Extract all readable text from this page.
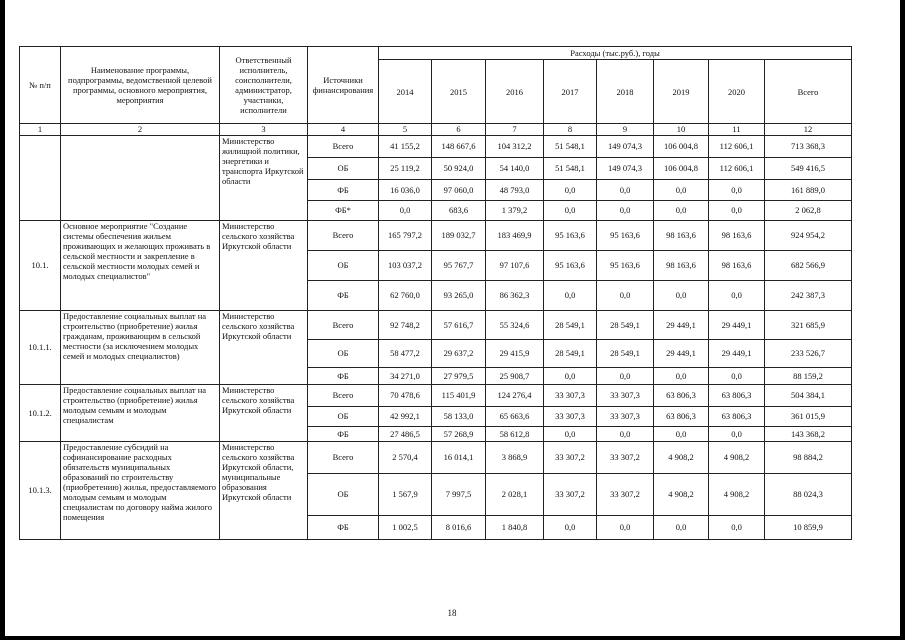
№ п/п	Наименование программы, подпрограммы, ведомственной целевой программы, основного мероприятия, мероприятия	Ответственный исполнитель, соисполнители, администратор, участники, исполнители	Источники финансирования	Расходы (тыс.руб.), годы							
				2014	2015	2016	2017	2018	2019	2020	Всего
1	2	3	4	5	6	7	8	9	10	11	12
		Министерство жилищной политики, энергетики и транспорта Иркутской области	Всего	41 155,2	148 667,6	104 312,2	51 548,1	149 074,3	106 004,8	112 606,1	713 368,3
			ОБ	25 119,2	50 924,0	54 140,0	51 548,1	149 074,3	106 004,8	112 606,1	549 416,5
			ФБ	16 036,0	97 060,0	48 793,0	0,0	0,0	0,0	0,0	161 889,0
			ФБ*	0,0	683,6	1 379,2	0,0	0,0	0,0	0,0	2 062,8
10.1.	Основное мероприятие "Создание системы обеспечения жильем проживающих и желающих проживать в сельской местности и закрепление в сельской местности молодых семей и молодых специалистов"	Министерство сельского хозяйства Иркутской области	Всего	165 797,2	189 032,7	183 469,9	95 163,6	95 163,6	98 163,6	98 163,6	924 954,2
			ОБ	103 037,2	95 767,7	97 107,6	95 163,6	95 163,6	98 163,6	98 163,6	682 566,9
			ФБ	62 760,0	93 265,0	86 362,3	0,0	0,0	0,0	0,0	242 387,3
10.1.1.	Предоставление социальных выплат на строительство (приобретение) жилья гражданам, проживающим в сельской местности (за исключением молодых семей и молодых специалистов)	Министерство сельского хозяйства Иркутской области	Всего	92 748,2	57 616,7	55 324,6	28 549,1	28 549,1	29 449,1	29 449,1	321 685,9
			ОБ	58 477,2	29 637,2	29 415,9	28 549,1	28 549,1	29 449,1	29 449,1	233 526,7
			ФБ	34 271,0	27 979,5	25 908,7	0,0	0,0	0,0	0,0	88 159,2
10.1.2.	Предоставление социальных выплат на строительство (приобретение) жилья молодым семьям и молодым специалистам	Министерство сельского хозяйства Иркутской области	Всего	70 478,6	115 401,9	124 276,4	33 307,3	33 307,3	63 806,3	63 806,3	504 384,1
			ОБ	42 992,1	58 133,0	65 663,6	33 307,3	33 307,3	63 806,3	63 806,3	361 015,9
			ФБ	27 486,5	57 268,9	58 612,8	0,0	0,0	0,0	0,0	143 368,2
10.1.3.	Предоставление субсидий на софинансирование расходных обязательств муниципальных образований по строительству (приобретению) жилья, предоставляемого молодым семьям и молодым специалистам по договору найма жилого помещения	Министерство сельского хозяйства Иркутской области, муниципальные образования Иркутской области	Всего	2 570,4	16 014,1	3 868,9	33 307,2	33 307,2	4 908,2	4 908,2	98 884,2
			ОБ	1 567,9	7 997,5	2 028,1	33 307,2	33 307,2	4 908,2	4 908,2	88 024,3
			ФБ	1 002,5	8 016,6	1 840,8	0,0	0,0	0,0	0,0	10 859,9
18
